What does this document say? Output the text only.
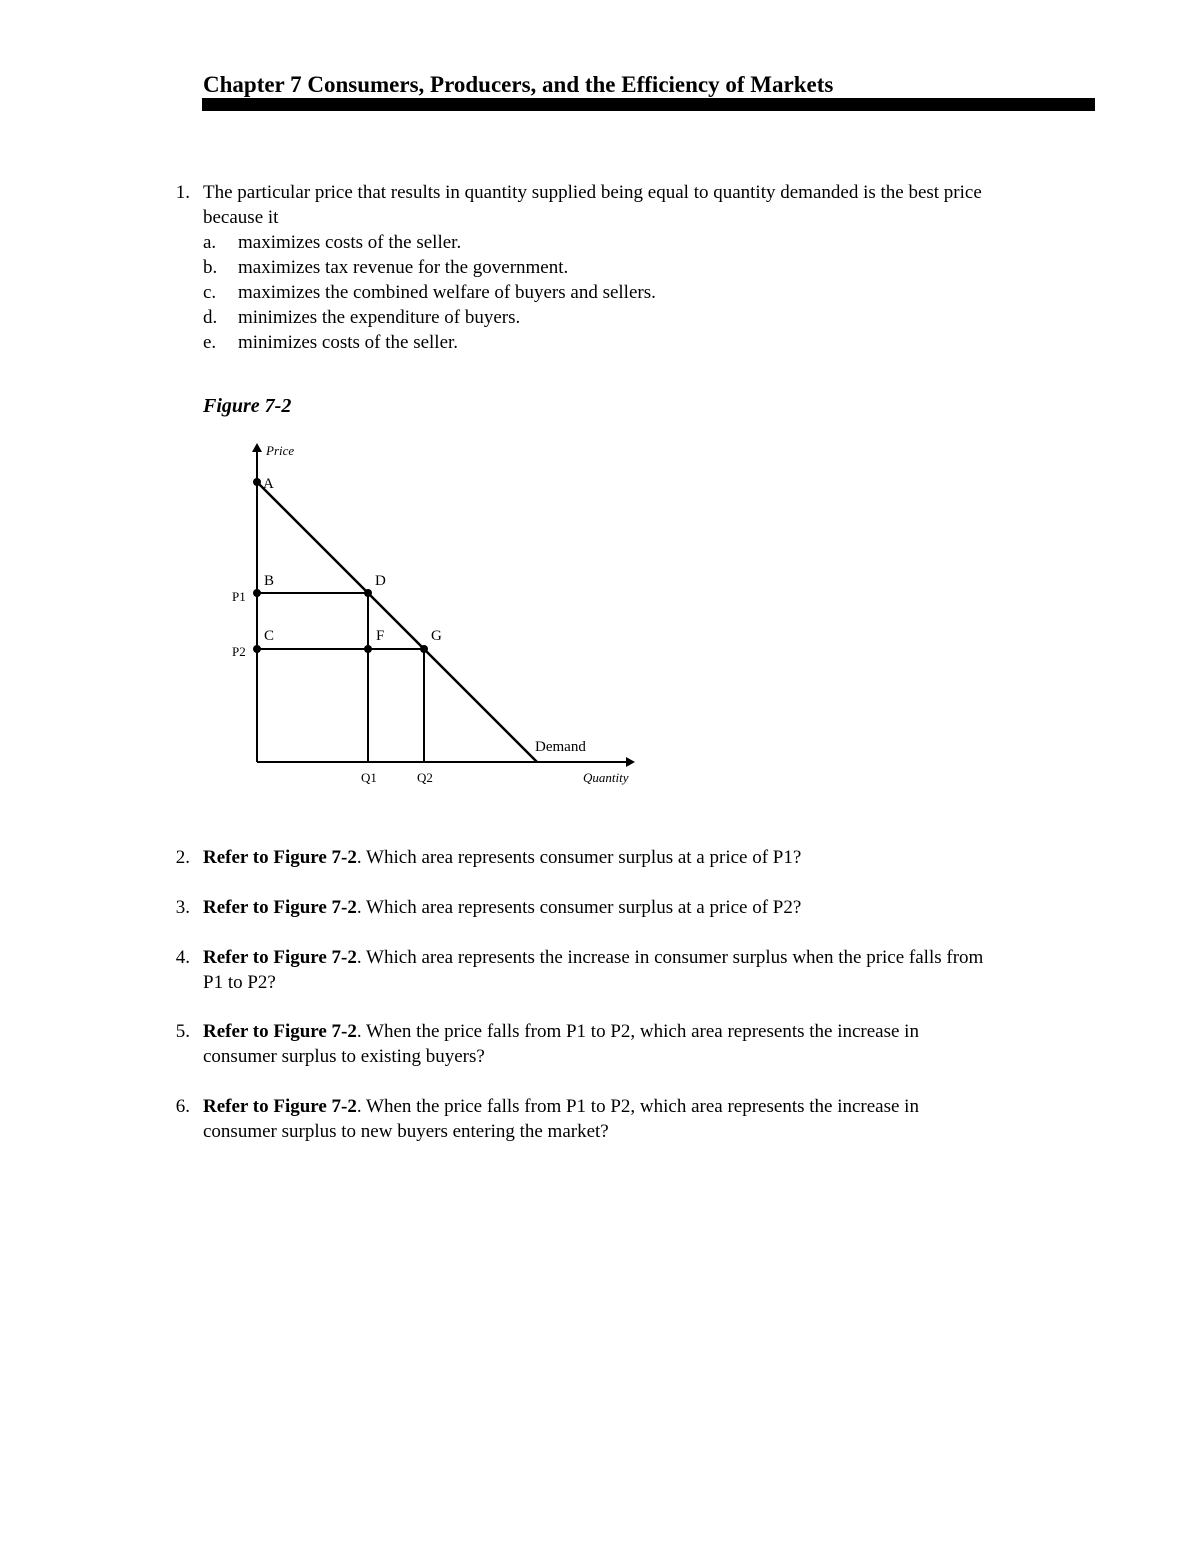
Chapter 7 Consumers, Producers, and the Efficiency of Markets
1. The particular price that results in quantity supplied being equal to quantity demanded is the best price
because it
a. maximizes costs of the seller.
b. maximizes tax revenue for the government.
c. maximizes the combined welfare of buyers and sellers.
d. minimizes the expenditure of buyers.
e. minimizes costs of the seller.
Figure 7-2
Price
A
B
C
D
F	G
P1
P2
Q1	Q2
Demand
Quantity
2. Refer to Figure 7-2. Which area represents consumer surplus at a price of P1?
3. Refer to Figure 7-2. Which area represents consumer surplus at a price of P2?
4. Refer to Figure 7-2. Which area represents the increase in consumer surplus when the price falls from
P1 to P2?
5. Refer to Figure 7-2. When the price falls from P1 to P2, which area represents the increase in
consumer surplus to existing buyers?
6. Refer to Figure 7-2. When the price falls from P1 to P2, which area represents the increase in
consumer surplus to new buyers entering the market?
